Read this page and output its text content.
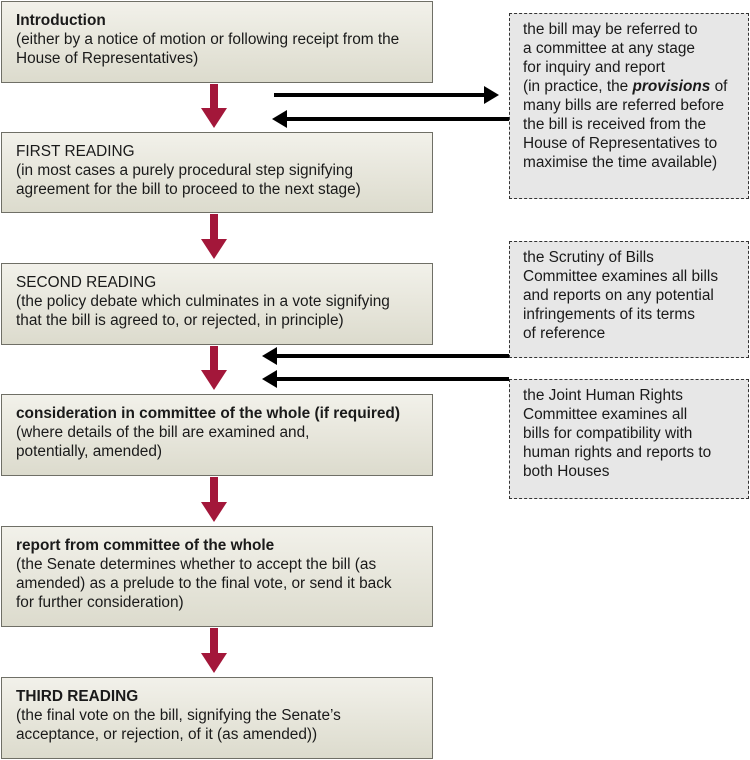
Introduction
(either by a notice of motion or following receipt from the
House of Representatives)
FIRST READING
(in most cases a purely procedural step signifying
agreement for the bill to proceed to the next stage)
SECOND READING
(the policy debate which culminates in a vote signifying
that the bill is agreed to, or rejected, in principle)
consideration in committee of the whole (if required)
(where details of the bill are examined and,
potentially, amended)
report from committee of the whole
(the Senate determines whether to accept the bill (as
amended) as a prelude to the final vote, or send it back
for further consideration)
THIRD READING
(the final vote on the bill, signifying the Senate’s
acceptance, or rejection, of it (as amended))
the bill may be referred to
a committee at any stage
for inquiry and report
(in practice, the provisions of
many bills are referred before
the bill is received from the
House of Representatives to
maximise the time available)
the Scrutiny of Bills
Committee examines all bills
and reports on any potential
infringements of its terms
of reference
the Joint Human Rights
Committee examines all
bills for compatibility with
human rights and reports to
both Houses
